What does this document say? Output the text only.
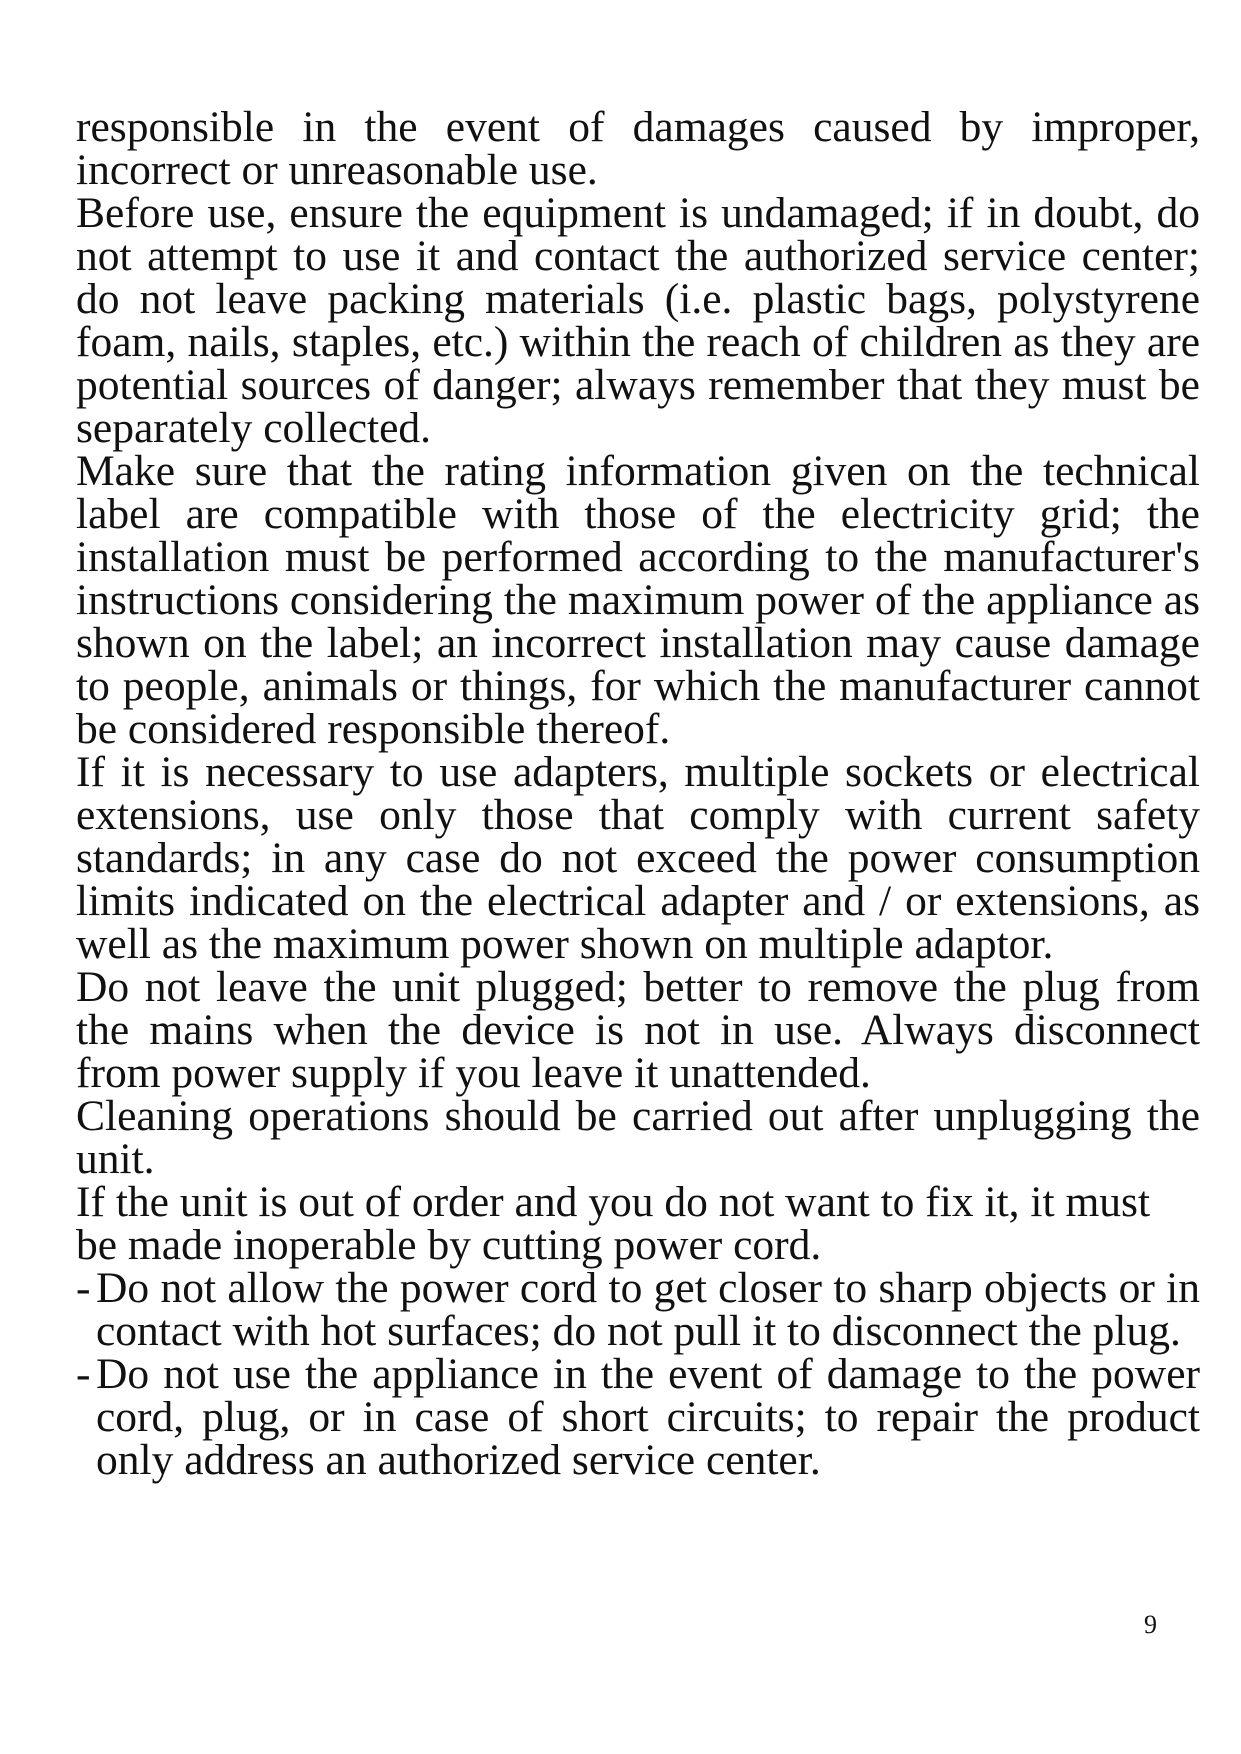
responsible in the event of damages caused by improper, incorrect or unreasonable use.

Before use, ensure the equipment is undamaged; if in doubt, do not attempt to use it and contact the authorized service center; do not leave packing materials (i.e. plastic bags, polystyrene foam, nails, staples, etc.) within the reach of children as they are potential sources of danger; always remember that they must be separately collected.

Make sure that the rating information given on the technical label are compatible with those of the electricity grid; the installation must be performed according to the manufacturer's instructions considering the maximum power of the appliance as shown on the label; an incorrect installation may cause damage to people, animals or things, for which the manufacturer cannot be considered responsible thereof.

If it is necessary to use adapters, multiple sockets or electrical extensions, use only those that comply with current safety standards; in any case do not exceed the power consumption limits indicated on the electrical adapter and / or extensions, as well as the maximum power shown on multiple adaptor.

Do not leave the unit plugged; better to remove the plug from the mains when the device is not in use. Always disconnect from power supply if you leave it unattended.

Cleaning operations should be carried out after unplugging the unit.

If the unit is out of order and you do not want to fix it, it must be made inoperable by cutting power cord.

- Do not allow the power cord to get closer to sharp objects or in contact with hot surfaces; do not pull it to disconnect the plug.
- Do not use the appliance in the event of damage to the power cord, plug, or in case of short circuits; to repair the product only address an authorized service center.
9
